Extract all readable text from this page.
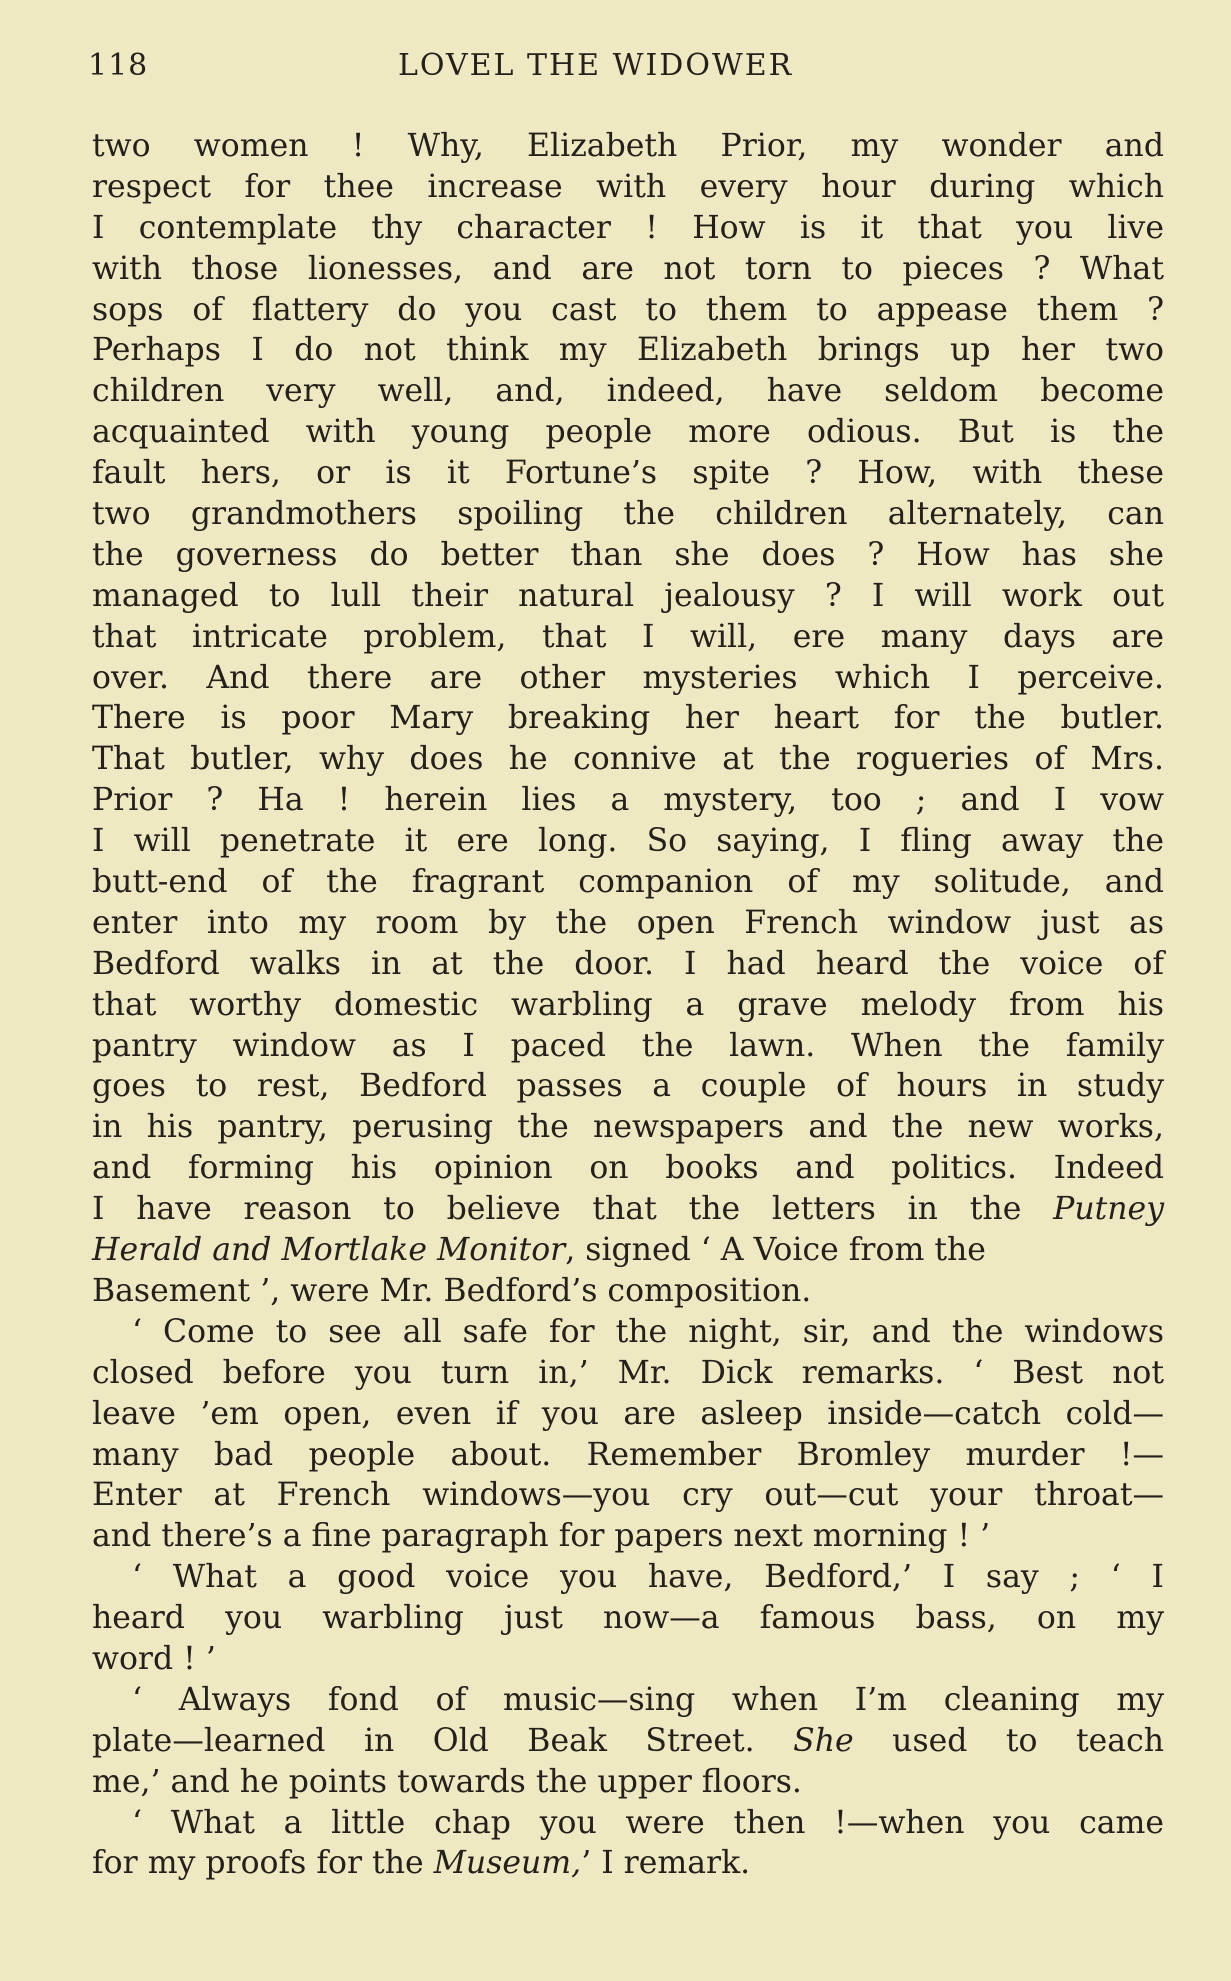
118	LOVEL THE WIDOWER
two women ! Why, Elizabeth Prior, my wonder and
respect for thee increase with every hour during which
I contemplate thy character ! How is it that you live
with those lionesses, and are not torn to pieces ? What
sops of flattery do you cast to them to appease them ?
Perhaps I do not think my Elizabeth brings up her two
children very well, and, indeed, have seldom become
acquainted with young people more odious. But is the
fault hers, or is it Fortune’s spite ? How, with these
two grandmothers spoiling the children alternately, can
the governess do better than she does ? How has she
managed to lull their natural jealousy ? I will work out
that intricate problem, that I will, ere many days are
over. And there are other mysteries which I perceive.
There is poor Mary breaking her heart for the butler.
That butler, why does he connive at the rogueries of Mrs.
Prior ? Ha ! herein lies a mystery, too ; and I vow
I will penetrate it ere long. So saying, I fling away the
butt-end of the fragrant companion of my solitude, and
enter into my room by the open French window just as
Bedford walks in at the door. I had heard the voice of
that worthy domestic warbling a grave melody from his
pantry window as I paced the lawn. When the family
goes to rest, Bedford passes a couple of hours in study
in his pantry, perusing the newspapers and the new works,
and forming his opinion on books and politics. Indeed
I have reason to believe that the letters in the Putney
Herald and Mortlake Monitor, signed ‘ A Voice from the
Basement ’, were Mr. Bedford’s composition.
‘ Come to see all safe for the night, sir, and the windows
closed before you turn in,’ Mr. Dick remarks. ‘ Best not
leave ’em open, even if you are asleep inside—catch cold—
many bad people about. Remember Bromley murder !—
Enter at French windows—you cry out—cut your throat—
and there’s a fine paragraph for papers next morning ! ’
‘ What a good voice you have, Bedford,’ I say ; ‘ I
heard you warbling just now—a famous bass, on my
word ! ’
‘ Always fond of music—sing when I’m cleaning my
plate—learned in Old Beak Street. She used to teach
me,’ and he points towards the upper floors.
‘ What a little chap you were then !—when you came
for my proofs for the Museum,’ I remark.
